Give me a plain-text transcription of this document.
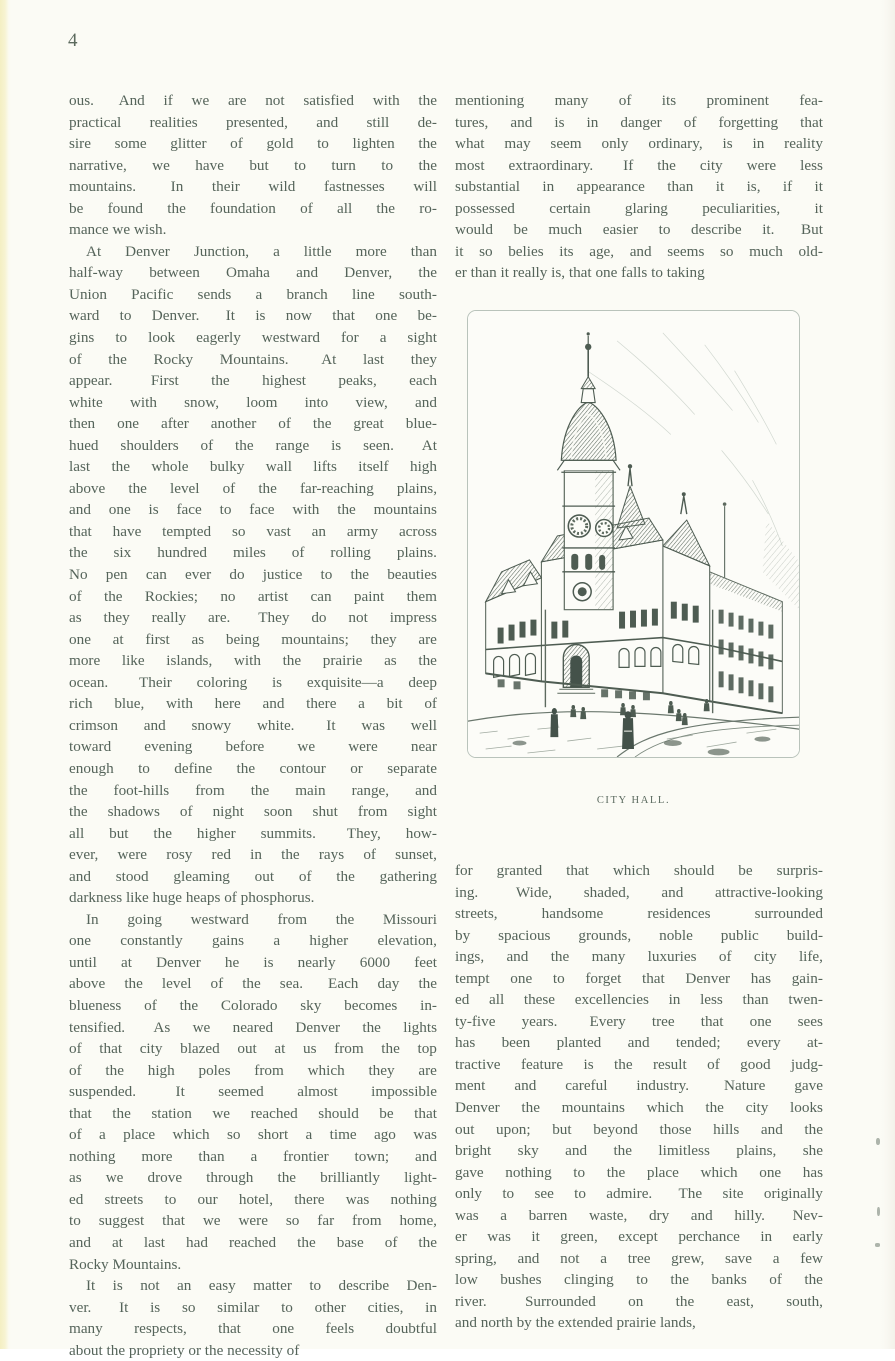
4

ous. And if we are not satisfied with the
practical realities presented, and still de-
sire some glitter of gold to lighten the
narrative, we have but to turn to the
mountains. In their wild fastnesses will
be found the foundation of all the ro-
mance we wish.

At Denver Junction, a little more than
half-way between Omaha and Denver, the
Union Pacific sends a branch line south-
ward to Denver. It is now that one be-
gins to look eagerly westward for a sight
of the Rocky Mountains. At last they
appear.	First the highest peaks, each
white with snow, loom into view, and
then one after another of the great blue-
hued shoulders of the range is seen. At
last the whole bulky wall lifts itself high
above the level of the far-reaching plains,
and one is face to face with the mountains
that have tempted so vast an army across
the six hundred miles of rolling plains.
No pen can ever do justice to the beauties
of the Rockies; no artist can paint them
as they really are. They do not impress
one at first as being mountains; they are
more like islands, with the prairie as the
ocean. Their coloring is exquisite—a deep
rich blue, with here and there a bit of
crimson and snowy white. It was well
toward evening before we were near
enough to define the contour or separate
the foot-hills from the main range, and
the shadows of night soon shut from sight
all but the higher summits. They, how-
ever, were rosy red in the rays of sunset,
and stood gleaming out of the gathering
darkness like huge heaps of phosphorus.

In going westward from the Missouri
one constantly gains a higher elevation,
until at Denver he is nearly 6000 feet
above the level of the sea. Each day the
blueness of the Colorado sky becomes in-
tensified. As we neared Denver the lights
of that city blazed out at us from the top
of the high poles from which they are
suspended.	It seemed almost impossible
that the station we reached should be that
of a place which so short a time ago was
nothing more than a frontier town; and
as we drove through the brilliantly light-
ed streets to our hotel, there was nothing
to suggest that we were so far from home,
and at last had reached the base of the
Rocky Mountains.

It is not an easy matter to describe Den-
ver. It is so similar to other cities, in
many respects, that one feels doubtful
about the propriety or the necessity of

mentioning many of its prominent fea-
tures, and is in danger of forgetting that
what may seem only ordinary, is in reality
most extraordinary. If the city were less
substantial in appearance than it is, if it
possessed certain glaring peculiarities, it
would be much easier to describe it. But
it so belies its age, and seems so much old-
er than it really is, that one falls to taking

for granted that which should be surpris-
ing. Wide, shaded, and attractive-looking
streets,	handsome	residences	surrounded
by spacious grounds, noble public build-
ings, and the many luxuries of city life,
tempt one to forget that Denver has gain-
ed all these excellencies in less than twen-
ty-five years. Every tree that one sees
has been planted and tended; every at-
tractive feature is the result of good judg-
ment and careful industry. Nature gave
Denver the mountains which the city looks
out upon; but beyond those hills and the
bright sky and the limitless plains, she
gave nothing to the place which one has
only to see to admire. The site originally
was a barren waste, dry and hilly. Nev-
er was it green, except perchance in early
spring, and not a tree grew, save a few
low bushes clinging to the banks of the
river.	Surrounded on the east, south,
and north by the extended prairie lands,

CITY HALL.
